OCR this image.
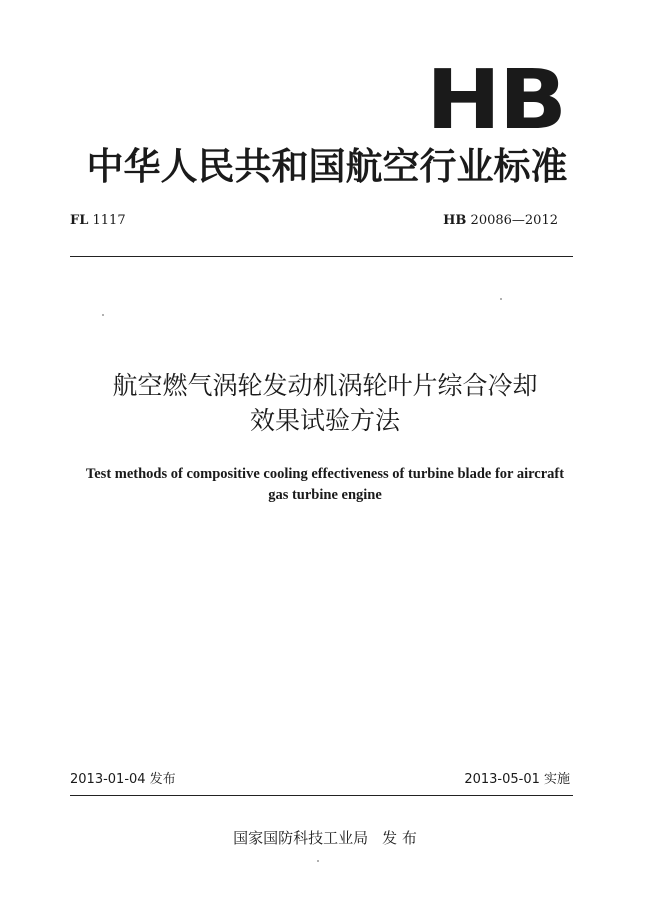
HB
中华人民共和国航空行业标准
FL 1117	HB 20086—2012
航空燃气涡轮发动机涡轮叶片综合冷却
效果试验方法
Test methods of compositive cooling effectiveness of turbine blade for aircraft
gas turbine engine
2013-01-04 发布	2013-05-01 实施
国家国防科技工业局 发 布
